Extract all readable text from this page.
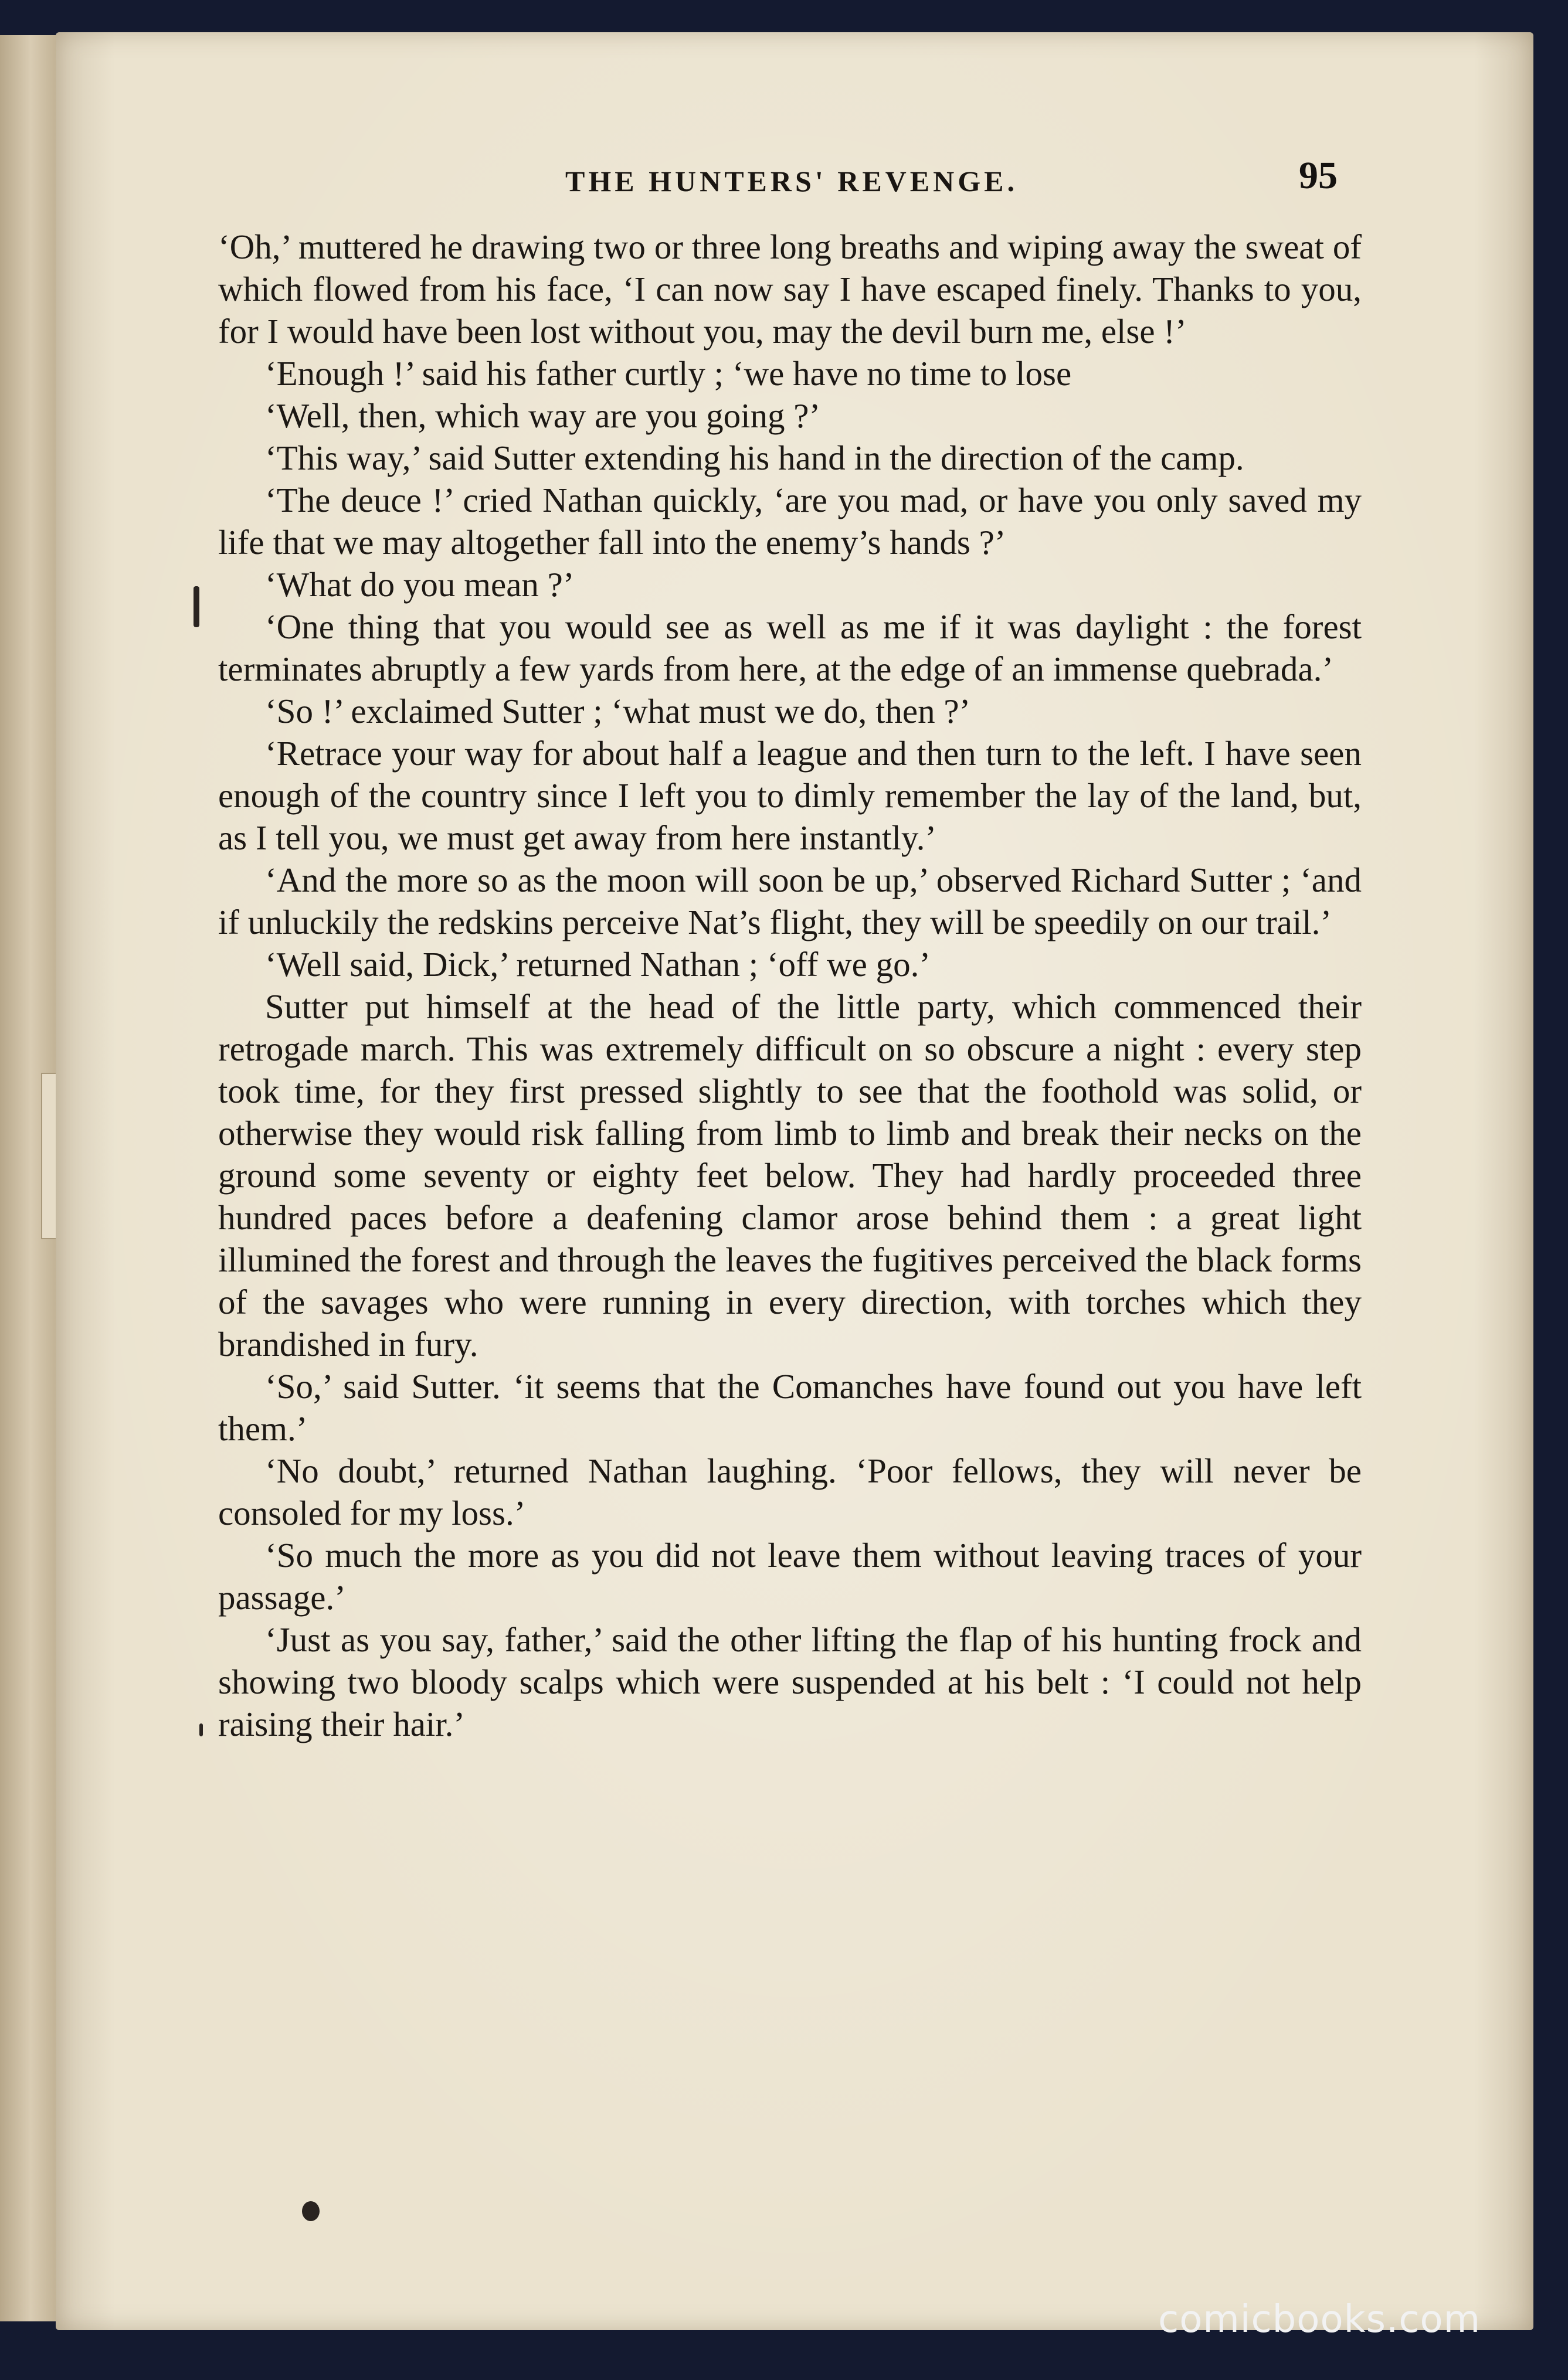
THE HUNTERS' REVENGE.	95

‘Oh,’ muttered he drawing two or three long breaths and wiping away the sweat of which flowed from his face, ‘I can now say I have escaped finely. Thanks to you, for I would have been lost without you, may the devil burn me, else !’

‘Enough !’ said his father curtly ; ‘we have no time to lose

‘Well, then, which way are you going ?’

‘This way,’ said Sutter extending his hand in the direction of the camp.

‘The deuce !’ cried Nathan quickly, ‘are you mad, or have you only saved my life that we may altogether fall into the enemy’s hands ?’

‘What do you mean ?’

‘One thing that you would see as well as me if it was daylight : the forest terminates abruptly a few yards from here, at the edge of an immense quebrada.’

‘So !’ exclaimed Sutter ; ‘what must we do, then ?’

‘Retrace your way for about half a league and then turn to the left. I have seen enough of the country since I left you to dimly remember the lay of the land, but, as I tell you, we must get away from here instantly.’

‘And the more so as the moon will soon be up,’ observed Richard Sutter ; ‘and if unluckily the redskins perceive Nat’s flight, they will be speedily on our trail.’

‘Well said, Dick,’ returned Nathan ; ‘off we go.’

Sutter put himself at the head of the little party, which commenced their retrogade march. This was extremely difficult on so obscure a night : every step took time, for they first pressed slightly to see that the foothold was solid, or otherwise they would risk falling from limb to limb and break their necks on the ground some seventy or eighty feet below. They had hardly proceeded three hundred paces before a deafening clamor arose behind them : a great light illumined the forest and through the leaves the fugitives perceived the black forms of the savages who were running in every direction, with torches which they brandished in fury.

‘So,’ said Sutter. ‘it seems that the Comanches have found out you have left them.’

‘No doubt,’ returned Nathan laughing. ‘Poor fellows, they will never be consoled for my loss.’

‘So much the more as you did not leave them without leaving traces of your passage.’

‘Just as you say, father,’ said the other lifting the flap of his hunting frock and showing two bloody scalps which were suspended at his belt : ‘I could not help raising their hair.’

comicbooks.com
